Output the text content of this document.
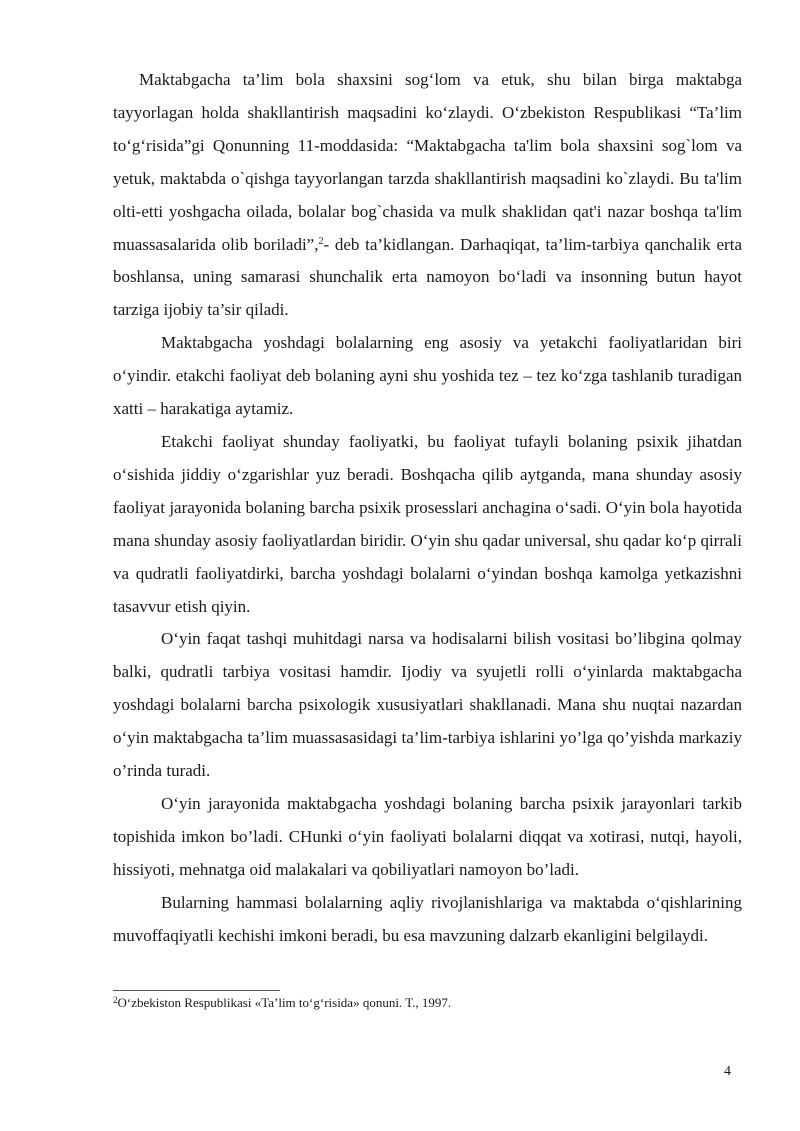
Maktabgacha ta’lim bola shaxsini sog‘lom va etuk, shu bilan birga maktabga tayyorlagan holda shakllantirish maqsadini ko‘zlaydi. O‘zbekiston Respublikasi “Ta’lim to‘g‘risida”gi Qonunning 11-moddasida: “Maktabgacha ta'lim bola shaxsini sog`lom va yetuk, maktabda o`qishga tayyorlangan tarzda shakllantirish maqsadini ko`zlaydi. Bu ta'lim olti-etti yoshgacha oilada, bolalar bog`chasida va mulk shaklidan qat'i nazar boshqa ta'lim muassasalarida olib boriladi”,$^2$- deb ta’kidlangan. Darhaqiqat, ta’lim-tarbiya qanchalik erta boshlansa, uning samarasi shunchalik erta namoyon bo‘ladi va insonning butun hayot tarziga ijobiy ta’sir qiladi.

Maktabgacha yoshdagi bolalarning eng asosiy va yetakchi faoliyatlaridan biri o‘yindir. etakchi faoliyat deb bolaning ayni shu yoshida tez – tez ko‘zga tashlanib turadigan xatti – harakatiga aytamiz.

Etakchi faoliyat shunday faoliyatki, bu faoliyat tufayli bolaning psixik jihatdan o‘sishida jiddiy o‘zgarishlar yuz beradi. Boshqacha qilib aytganda, mana shunday asosiy faoliyat jarayonida bolaning barcha psixik prosesslari anchagina o‘sadi. O‘yin bola hayotida mana shunday asosiy faoliyatlardan biridir. O‘yin shu qadar universal, shu qadar ko‘p qirrali va qudratli faoliyatdirki, barcha yoshdagi bolalarni o‘yindan boshqa kamolga yetkazishni tasavvur etish qiyin.

O‘yin faqat tashqi muhitdagi narsa va hodisalarni bilish vositasi bo’libgina qolmay balki, qudratli tarbiya vositasi hamdir. Ijodiy va syujetli rolli o‘yinlarda maktabgacha yoshdagi bolalarni barcha psixologik xususiyatlari shakllanadi. Mana shu nuqtai nazardan o‘yin maktabgacha ta’lim muassasasidagi ta’lim-tarbiya ishlarini yo’lga qo’yishda markaziy o’rinda turadi.

O‘yin jarayonida maktabgacha yoshdagi bolaning barcha psixik jarayonlari tarkib topishida imkon bo’ladi. CHunki o‘yin faoliyati bolalarni diqqat va xotirasi, nutqi, hayoli, hissiyoti, mehnatga oid malakalari va qobiliyatlari namoyon bo’ladi.

Bularning hammasi bolalarning aqliy rivojlanishlariga va maktabda o‘qishlarining muvoffaqiyatli kechishi imkoni beradi, bu esa mavzuning dalzarb ekanligini belgilaydi.

$^2$O‘zbekiston Respublikasi «Ta’lim to‘g‘risida» qonuni. T., 1997.
4
